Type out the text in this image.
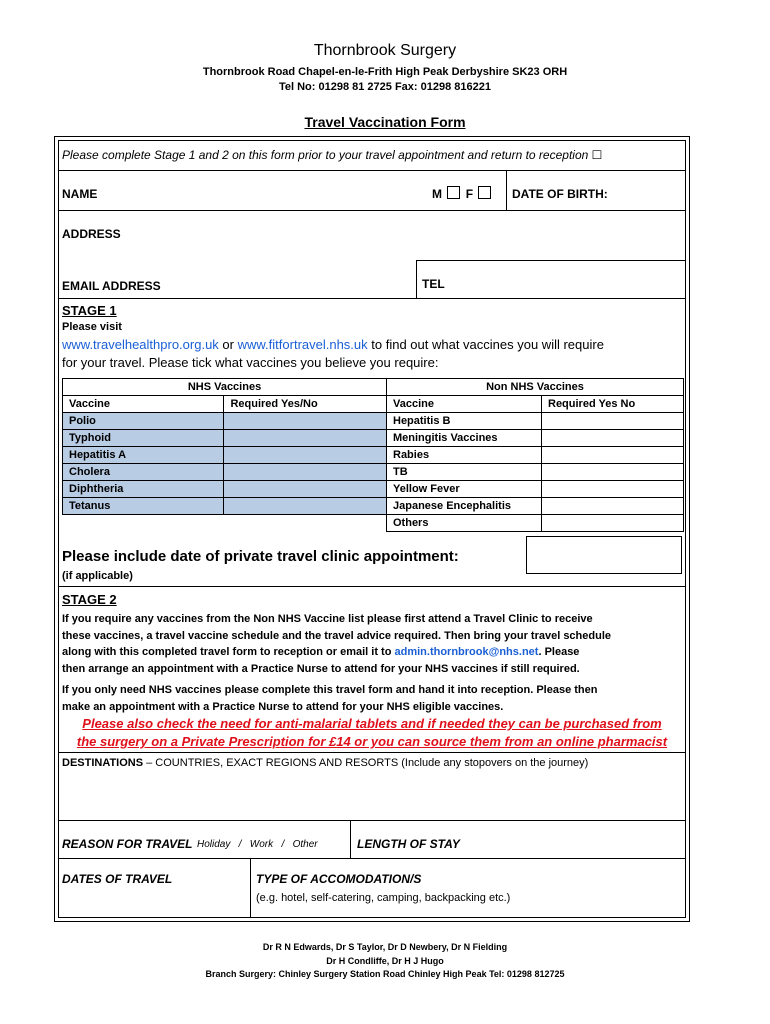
Thornbrook Surgery
Thornbrook Road Chapel-en-le-Frith High Peak Derbyshire SK23 ORH
Tel No: 01298 81 2725 Fax: 01298 816221
Travel Vaccination Form
Please complete Stage 1 and 2 on this form prior to your travel appointment and return to reception ☐
NAME	M F	DATE OF BIRTH:
ADDRESS
EMAIL ADDRESS	TEL
STAGE 1
Please visit
www.travelhealthpro.org.uk or www.fitfortravel.nhs.uk to find out what vaccines you will require
for your travel. Please tick what vaccines you believe you require:
NHS Vaccines		Non NHS Vaccines	
Vaccine	Required Yes/No	Vaccine	Required Yes No
Polio		Hepatitis B	
Typhoid		Meningitis Vaccines	
Hepatitis A		Rabies	
Cholera		TB	
Diphtheria		Yellow Fever	
Tetanus		Japanese Encephalitis	
		Others	
Please include date of private travel clinic appointment:
(if applicable)
STAGE 2
If you require any vaccines from the Non NHS Vaccine list please first attend a Travel Clinic to receive
these vaccines, a travel vaccine schedule and the travel advice required. Then bring your travel schedule
along with this completed travel form to reception or email it to admin.thornbrook@nhs.net. Please
then arrange an appointment with a Practice Nurse to attend for your NHS vaccines if still required.
If you only need NHS vaccines please complete this travel form and hand it into reception. Please then
make an appointment with a Practice Nurse to attend for your NHS eligible vaccines.
Please also check the need for anti-malarial tablets and if needed they can be purchased from
the surgery on a Private Prescription for £14 or you can source them from an online pharmacist
DESTINATIONS – COUNTRIES, EXACT REGIONS AND RESORTS (Include any stopovers on the journey)
REASON FOR TRAVEL Holiday   /   Work   /   Other	LENGTH OF STAY
DATES OF TRAVEL	TYPE OF ACCOMODATION/S
(e.g. hotel, self-catering, camping, backpacking etc.)
Dr R N Edwards, Dr S Taylor, Dr D Newbery, Dr N Fielding
Dr H Condliffe, Dr H J Hugo
Branch Surgery: Chinley Surgery Station Road Chinley High Peak Tel: 01298 812725
